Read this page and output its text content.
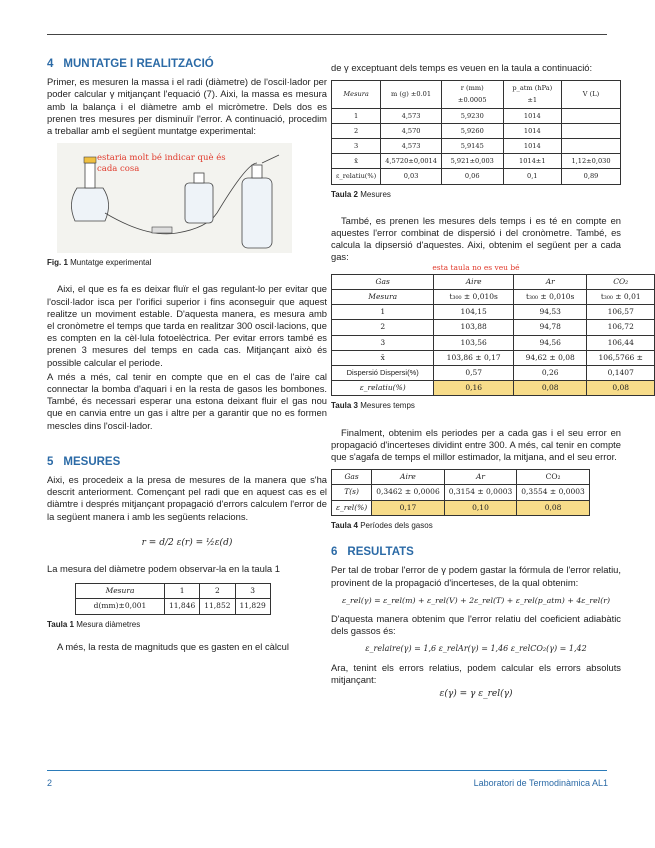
4 MUNTATGE I REALITZACIÓ

Primer, es mesuren la massa i el radi (diàmetre) de l'oscil·lador per poder calcular γ mitjançant l'equació (7). Aixi, la massa es mesura amb la balança i el diàmetre amb el micròmetre. Dels dos es prenen tres mesures per disminuïr l'error. A continuació, procedim a treballar amb el següent muntatge experimental:

estaria molt bé indicar què és cada cosa
Fig. 1 Muntatge experimental

Aixi, el que es fa es deixar fluïr el gas regulant-lo per evitar que l'oscil·lador isca per l'orifici superior i fins aconseguir que aquest realitze un moviment estable. D'aquesta manera, es mesura amb el cronòmetre el temps que tarda en realitzar 300 oscil·lacions, que es compten en la cèl·lula fotoelèctrica. Per evitar errors també es prenen 3 mesures del temps en cada cas. Mitjançant això és possible calcular el periode.

A més a més, cal tenir en compte que en el cas de l'aire cal connectar la bomba d'aquari i en la resta de gasos les bombones. També, és necessari esperar una estona deixant fluir el gas nou que en canvia entre un gas i altre per a garantir que no es formen mescles dins l'oscil·lador.

5 MESURES

Aixi, es procedeix a la presa de mesures de la manera que s'ha descrit anteriorment. Començant pel radi que en aquest cas es el diàmtre i després mitjançant propagació d'errors calculem l'error de la següent manera i amb les següents relacions.

r = d/2 ε(r) = ½ε(d)

La mesura del diàmetre podem observar-la en la taula 1

Mesura	1	2	3
d(mm)±0,001	11,846	11,852	11,829
Taula 1 Mesura diàmetres

A més, la resta de magnituds que es gasten en el càlcul

de γ exceptuant dels temps es veuen en la taula a continuació:

Mesura	m (g) ±0.01	r (mm) ±0.0005	p_atm (hPa) ±1	V (L)
1	4,573	5,9230	1014	
2	4,570	5,9260	1014	
3	4,573	5,9145	1014	
x̄	4,5720±0,0014	5,921±0,003	1014±1	1,12±0,030
ε_relatiu(%)	0,03	0,06	0,1	0,89
Taula 2 Mesures

També, es prenen les mesures dels temps i es té en compte en aquestes l'error combinat de dispersió i del cronòmetre. També, es calcula la dipsersió d'aquestes. Aixi, obtenim el següent per a cada gas:

esta taula no es veu bé
Gas	Aire	Ar	CO₂
Mesura	t₃₀₀ ± 0,010s	t₃₀₀ ± 0,010s	t₃₀₀ ± 0,01
1	104,15	94,53	106,57
2	103,88	94,78	106,72
3	103,56	94,56	106,44
x̄	103,86 ± 0,17	94,62 ± 0,08	106,5766 ±
Dispersió Dispersi(%)	0,57	0,26	0,1407
ε_relatiu(%)	0,16	0,08	0,08
Taula 3 Mesures temps

Finalment, obtenim els periodes per a cada gas i el seu error en propagació d'incerteses dividint entre 300. A més, cal tenir en compte que s'agafa de temps el millor estimador, la mitjana, and el seu error.

Gas	Aire	Ar	CO₂
T(s)	0,3462 ± 0,0006	0,3154 ± 0,0003	0,3554 ± 0,0003
ε_rel(%)	0,17	0,10	0,08
Taula 4 Períodes dels gasos
6 RESULTATS

Per tal de trobar l'error de γ podem gastar la fórmula de l'error relatiu, provinent de la propagació d'incerteses, de la qual obtenim:

ε_rel(γ) = ε_rel(m) + ε_rel(V) + 2ε_rel(T) + ε_rel(p_atm) + 4ε_rel(r)

D'aquesta manera obtenim que l'error relatiu del coeficient adiabàtic dels gassos és:

ε_relaire(γ) = 1,6 ε_relAr(γ) = 1,46 ε_relCO₂(γ) = 1,42

Ara, tenint els errors relatius, podem calcular els errors absoluts mitjançant:

ε(γ) = γ ε_rel(γ)
2	Laboratori de Termodinàmica AL1
